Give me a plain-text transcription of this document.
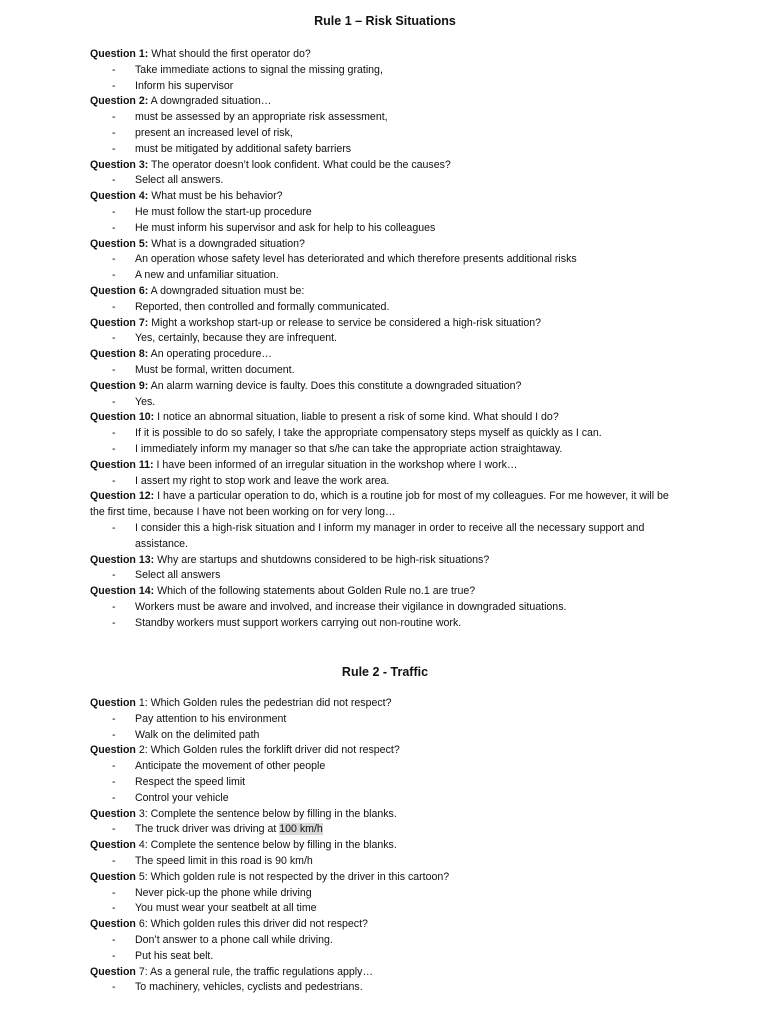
Rule 1 – Risk Situations
Question 1: What should the first operator do?
-	Take immediate actions to signal the missing grating,
-	Inform his supervisor
Question 2: A downgraded situation…
-	must be assessed by an appropriate risk assessment,
-	present an increased level of risk,
-	must be mitigated by additional safety barriers
Question 3: The operator doesn’t look confident. What could be the causes?
-	Select all answers.
Question 4: What must be his behavior?
-	He must follow the start-up procedure
-	He must inform his supervisor and ask for help to his colleagues
Question 5: What is a downgraded situation?
-	An operation whose safety level has deteriorated and which therefore presents additional risks
-	A new and unfamiliar situation.
Question 6: A downgraded situation must be:
-	Reported, then controlled and formally communicated.
Question 7: Might a workshop start-up or release to service be considered a high-risk situation?
-	Yes, certainly, because they are infrequent.
Question 8: An operating procedure…
-	Must be formal, written document.
Question 9: An alarm warning device is faulty. Does this constitute a downgraded situation?
-	Yes.
Question 10: I notice an abnormal situation, liable to present a risk of some kind. What should I do?
-	If it is possible to do so safely, I take the appropriate compensatory steps myself as quickly as I can.
-	I immediately inform my manager so that s/he can take the appropriate action straightaway.
Question 11: I have been informed of an irregular situation in the workshop where I work…
-	I assert my right to stop work and leave the work area.
Question 12: I have a particular operation to do, which is a routine job for most of my colleagues. For me however, it will be the first time, because I have not been working on for very long…
-	I consider this a high-risk situation and I inform my manager in order to receive all the necessary support and assistance.
Question 13: Why are startups and shutdowns considered to be high-risk situations?
-	Select all answers
Question 14: Which of the following statements about Golden Rule no.1 are true?
-	Workers must be aware and involved, and increase their vigilance in downgraded situations.
-	Standby workers must support workers carrying out non-routine work.
Rule 2 - Traffic
Question 1: Which Golden rules the pedestrian did not respect?
-	Pay attention to his environment
-	Walk on the delimited path
Question 2: Which Golden rules the forklift driver did not respect?
-	Anticipate the movement of other people
-	Respect the speed limit
-	Control your vehicle
Question 3: Complete the sentence below by filling in the blanks.
-	The truck driver was driving at 100 km/h
Question 4: Complete the sentence below by filling in the blanks.
-	The speed limit in this road is 90 km/h
Question 5: Which golden rule is not respected by the driver in this cartoon?
-	Never pick-up the phone while driving
-	You must wear your seatbelt at all time
Question 6: Which golden rules this driver did not respect?
-	Don’t answer to a phone call while driving.
-	Put his seat belt.
Question 7: As a general rule, the traffic regulations apply…
-	To machinery, vehicles, cyclists and pedestrians.
